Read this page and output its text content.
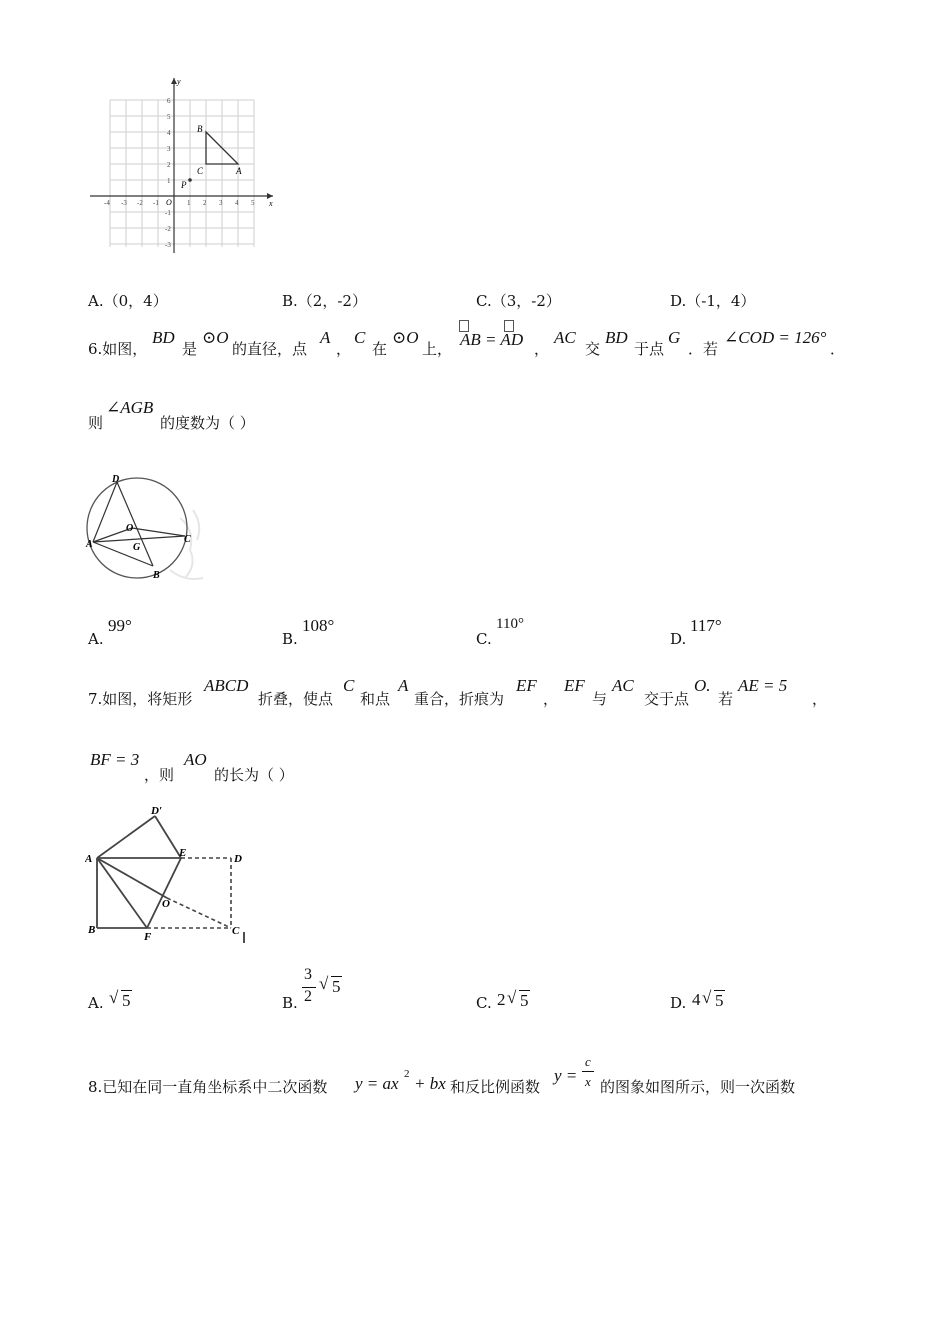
x
y
O
-4 -3 -2 -1	1 2 3 4 5
6
5
4
3
2
1
-1
-2
-3
B
C	A
P
A.（0，4）	B.（2，-2）	C.（3，-2）	D.（-1，4）
6.如图，
BD
是
⊙O
的直径，点
A
，
C
在
⊙O
上， AB = AD ，
AC
交
BD
于点
G
．若
∠COD = 126°
．
则
∠AGB
的度数为（ ）
D
O
A	G
C
B
A.
99°
B.
108°
C.
110°
D.
117°
7.如图，将矩形
ABCD
折叠，使点
C
和点
A
重合，折痕为
EF
，
EF
与
AC
交于点
O.
若
AE = 5
，
BF = 3
，则
AO
的长为（ ）
D′
A	E	D
O
B
F	C
A. √ 5	B.
3
2
√ 5
C. 2 √ 5	D. 4 √ 5
8.已知在同一直角坐标系中二次函数 y = ax 2 + bx 和反比例函数
y =
c
x 的图象如图所示，则一次函数
